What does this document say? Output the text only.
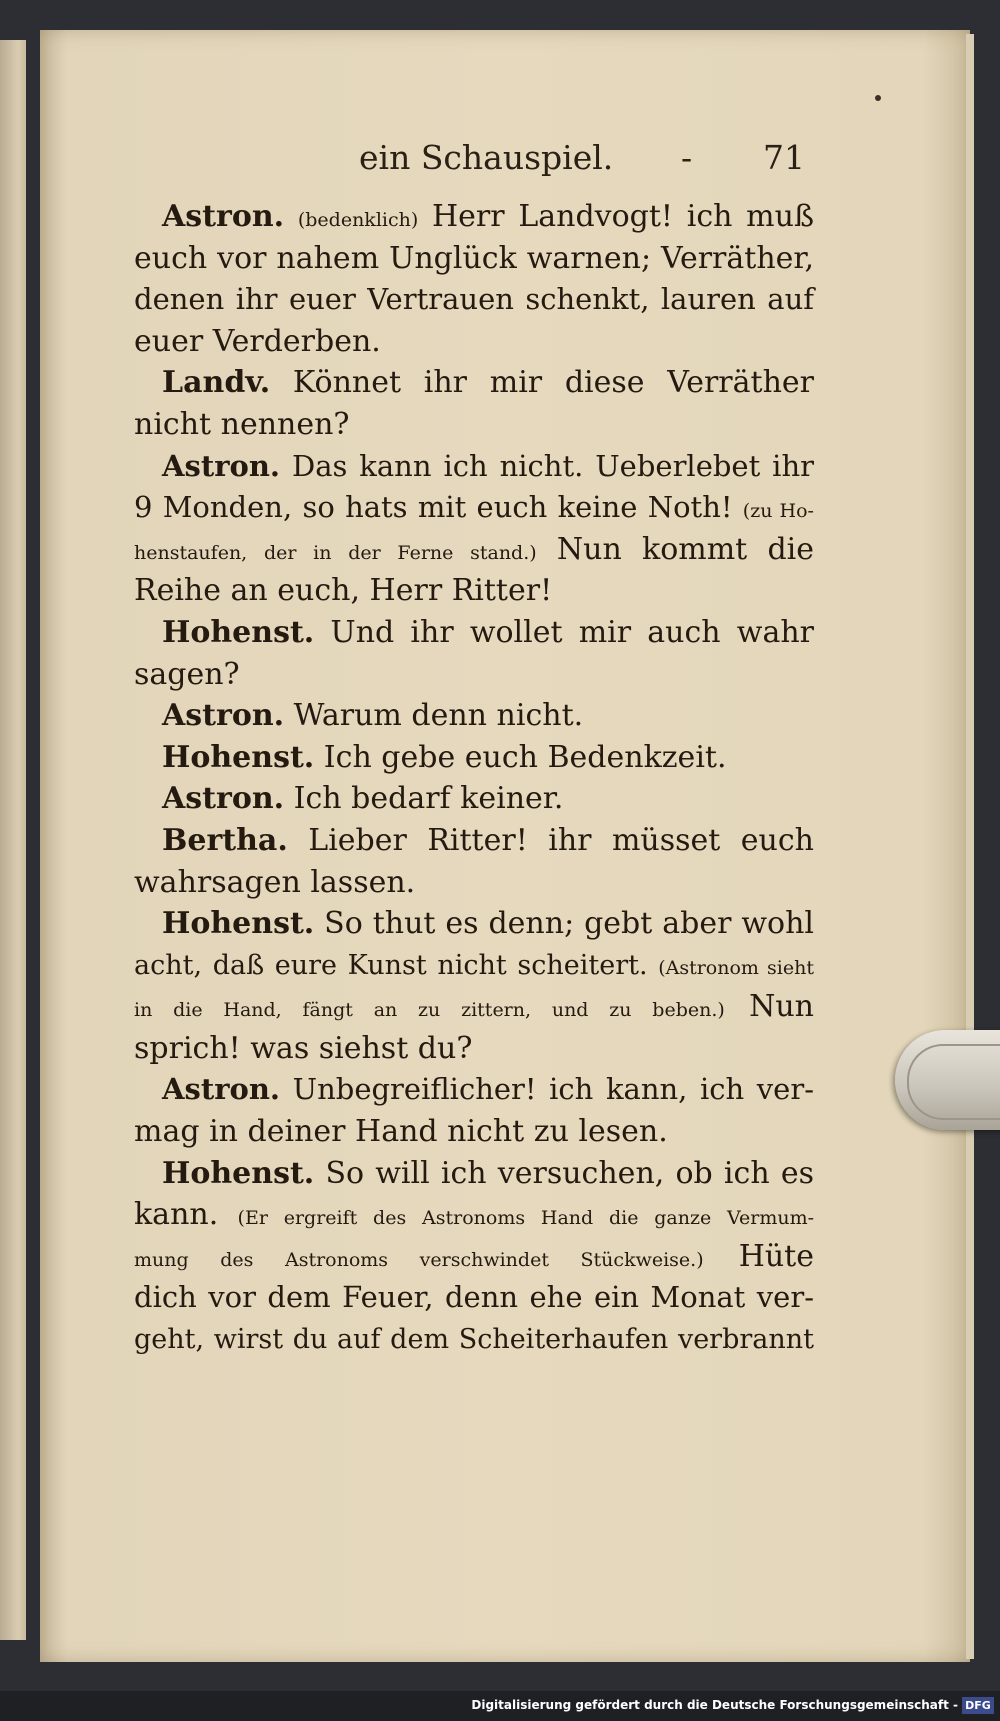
ein Schauspiel. - 71
Astron. (bedenklich) Herr Landvogt! ich muß
euch vor nahem Unglück warnen; Verräther,
denen ihr euer Vertrauen schenkt, lauren auf
euer Verderben.
Landv. Könnet ihr mir diese Verräther
nicht nennen?
Astron. Das kann ich nicht. Ueberlebet ihr
9 Monden, so hats mit euch keine Noth! (zu Ho-
henstaufen, der in der Ferne stand.) Nun kommt die
Reihe an euch, Herr Ritter!
Hohenst. Und ihr wollet mir auch wahr
sagen?
Astron. Warum denn nicht.
Hohenst. Ich gebe euch Bedenkzeit.
Astron. Ich bedarf keiner.
Bertha. Lieber Ritter! ihr müsset euch
wahrsagen lassen.
Hohenst. So thut es denn; gebt aber wohl
acht, daß eure Kunst nicht scheitert. (Astronom sieht
in die Hand, fängt an zu zittern, und zu beben.) Nun
sprich! was siehst du?
Astron. Unbegreiflicher! ich kann, ich ver-
mag in deiner Hand nicht zu lesen.
Hohenst. So will ich versuchen, ob ich es
kann. (Er ergreift des Astronoms Hand die ganze Vermum-
mung des Astronoms verschwindet Stückweise.) Hüte
dich vor dem Feuer, denn ehe ein Monat ver-
geht, wirst du auf dem Scheiterhaufen verbrannt
Digitalisierung gefördert durch die Deutsche Forschungsgemeinschaft - DFG
